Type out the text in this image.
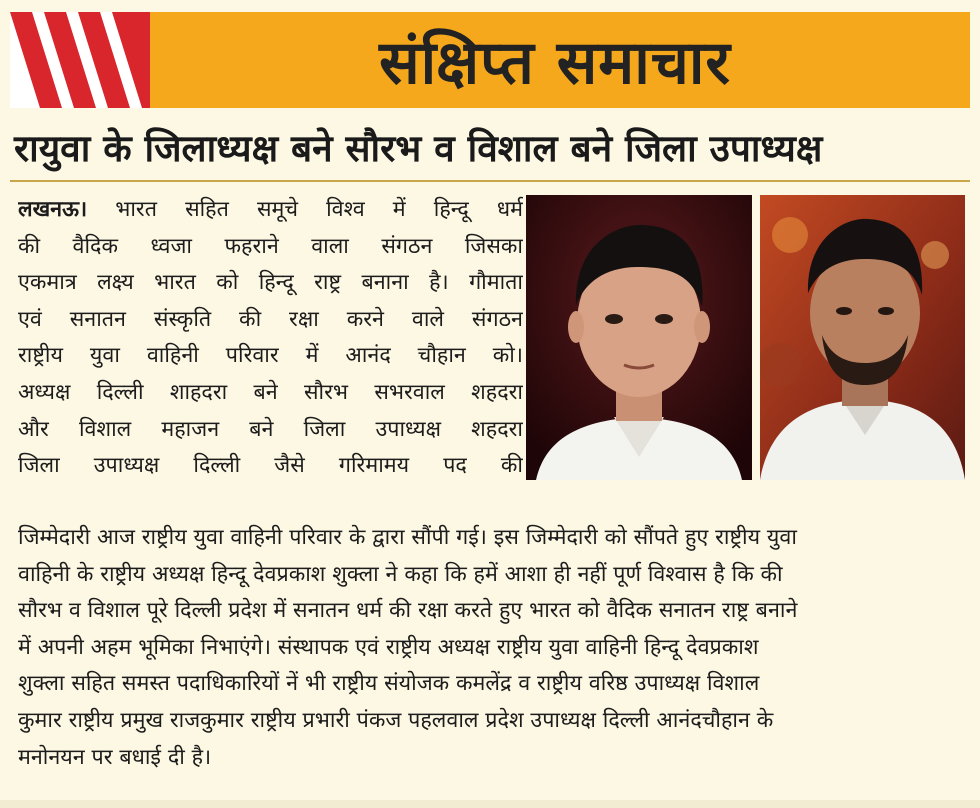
संक्षिप्त समाचार
रायुवा के जिलाध्यक्ष बने सौरभ व विशाल बने जिला उपाध्यक्ष
लखनऊ। भारत सहित समूचे विश्व में हिन्दू धर्म
की वैदिक ध्वजा फहराने वाला संगठन जिसका
एकमात्र लक्ष्य भारत को हिन्दू राष्ट्र बनाना है। गौमाता
एवं सनातन संस्कृति की रक्षा करने वाले संगठन
राष्ट्रीय युवा वाहिनी परिवार में आनंद चौहान को।
अध्यक्ष दिल्ली शाहदरा बने सौरभ सभरवाल शहदरा
और विशाल महाजन बने जिला उपाध्यक्ष शहदरा
जिला उपाध्यक्ष दिल्ली जैसे गरिमामय पद की
जिम्मेदारी आज राष्ट्रीय युवा वाहिनी परिवार के द्वारा सौंपी गई। इस जिम्मेदारी को सौंपते हुए राष्ट्रीय युवा
वाहिनी के राष्ट्रीय अध्यक्ष हिन्दू देवप्रकाश शुक्ला ने कहा कि हमें आशा ही नहीं पूर्ण विश्वास है कि की
सौरभ व विशाल पूरे दिल्ली प्रदेश में सनातन धर्म की रक्षा करते हुए भारत को वैदिक सनातन राष्ट्र बनाने
में अपनी अहम भूमिका निभाएंगे। संस्थापक एवं राष्ट्रीय अध्यक्ष राष्ट्रीय युवा वाहिनी हिन्दू देवप्रकाश
शुक्ला सहित समस्त पदाधिकारियों नें भी राष्ट्रीय संयोजक कमलेंद्र व राष्ट्रीय वरिष्ठ उपाध्यक्ष विशाल
कुमार राष्ट्रीय प्रमुख राजकुमार राष्ट्रीय प्रभारी पंकज पहलवाल प्रदेश उपाध्यक्ष दिल्ली आनंदचौहान के
मनोनयन पर बधाई दी है।
